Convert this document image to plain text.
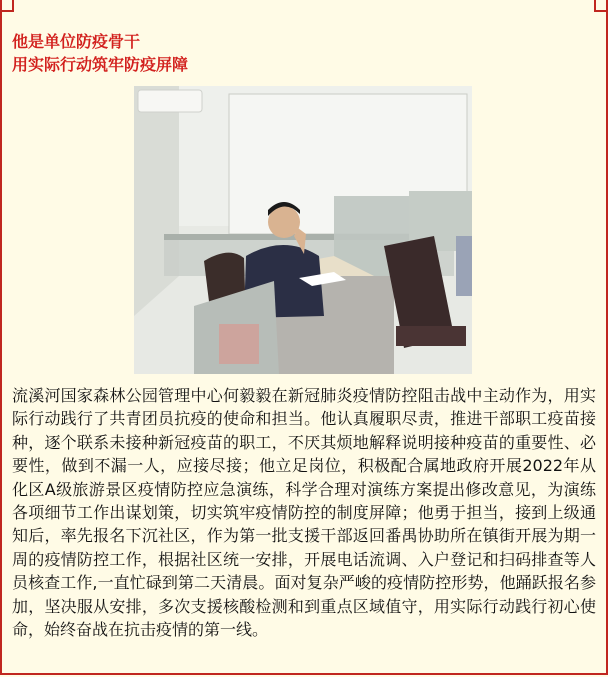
他是单位防疫骨干
用实际行动筑牢防疫屏障
流溪河国家森林公园管理中心何毅毅在新冠肺炎疫情防控阻击战中主动作为，用实际行动践行了共青团员抗疫的使命和担当。他认真履职尽责，推进干部职工疫苗接种，逐个联系未接种新冠疫苗的职工，不厌其烦地解释说明接种疫苗的重要性、必要性，做到不漏一人，应接尽接；他立足岗位，积极配合属地政府开展2022年从化区A级旅游景区疫情防控应急演练，科学合理对演练方案提出修改意见，为演练各项细节工作出谋划策，切实筑牢疫情防控的制度屏障；他勇于担当，接到上级通知后，率先报名下沉社区，作为第一批支援干部返回番禺协助所在镇街开展为期一周的疫情防控工作，根据社区统一安排，开展电话流调、入户登记和扫码排查等人员核查工作,一直忙碌到第二天清晨。面对复杂严峻的疫情防控形势，他踊跃报名参加，坚决服从安排，多次支援核酸检测和到重点区域值守，用实际行动践行初心使命，始终奋战在抗击疫情的第一线。
